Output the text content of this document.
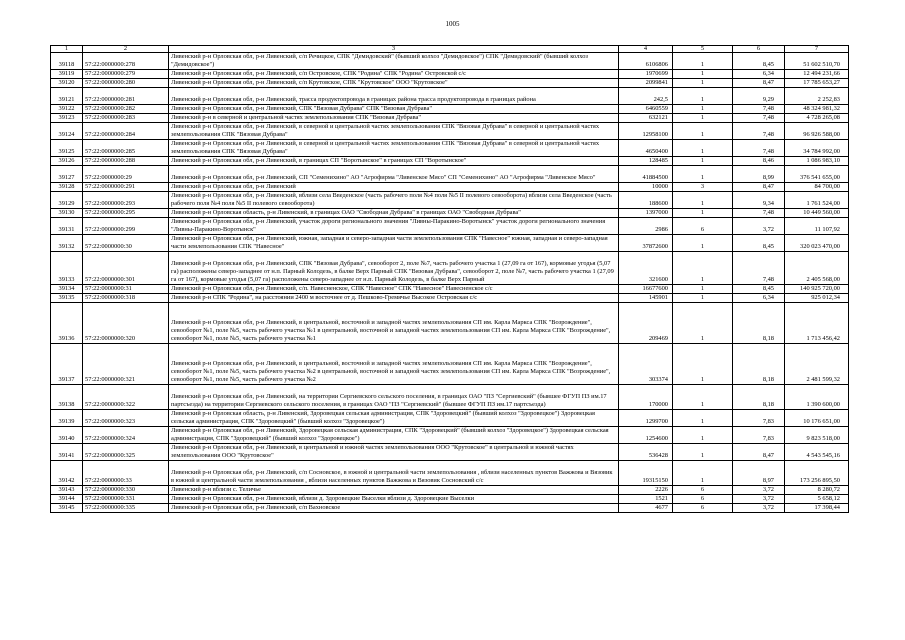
1005
1	2	3	4	5	6	7
39118	57:22:0000000:278	Ливенский р-н Орловская обл, р-н Ливенский, с/п Речицкое, СПК "Демидовский" (бывший колхоз "Демидовское") СПК "Демидовский" (бывший колхоз "Демидовское")	6106806	1	8,45	51 602 510,70
39119	57:22:0000000:279	Ливенский р-н Орловская обл, р-н Ливенский, с/п Островское, СПК "Родина" СПК "Родина" Островской с/с	1970699	1	6,34	12 494 231,66
39120	57:22:0000000:280	Ливенский р-н Орловская обл, р-н Ливенский, с/п Крутовское, СПК "Крутовское" ООО "Крутовское"	2099841	1	8,47	17 785 653,27
39121	57:22:0000000:281	Ливенский р-н Орловская обл, р-н Ливенский, трасса продуктопровода в границах района трасса продуктопровода в границах района	242,5	1	9,29	2 252,83
39122	57:22:0000000:282	Ливенский р-н Орловская обл, р-н Ливенский, СПК "Вязовая Дубрава" СПК "Вязовая Дубрава"	6460559	1	7,48	48 324 981,32
39123	57:22:0000000:283	Ливенский р-н в северной и центральной частях землепользования СПК "Вязовая Дубрава"	632121	1	7,48	4 728 265,08
39124	57:22:0000000:284	Ливенский р-н Орловская обл, р-н Ливенский, в северной и центральной частях землепользования СПК "Вязовая Дубрава" в северной и центральной частях землепользования СПК "Вязовая Дубрава"	12958100	1	7,48	96 926 588,00
39125	57:22:0000000:285	Ливенский р-н Орловская обл, р-н Ливенский, в северной и центральной частях землепользования СПК "Вязовая Дубрава" в северной и центральной частях землепользования СПК "Вязовая Дубрава"	4650400	1	7,48	34 784 992,00
39126	57:22:0000000:288	Ливенский р-н Орловская обл, р-н Ливенский, в границах СП "Воротынское" в границах СП "Воротынское"	128485	1	8,46	1 086 983,10
39127	57:22:0000000:29	Ливенский р-н Орловская обл, р-н Ливенский, СП "Семенихино" АО "Агрофирма "Ливенское Мясо" СП "Семенихино" АО "Агрофирма "Ливенское Мясо"	41884500	1	8,99	376 541 655,00
39128	57:22:0000000:291	Ливенский р-н Орловская обл, р-н Ливенский	10000	3	8,47	84 700,00
39129	57:22:0000000:293	Ливенский р-н Орловская обл, р-н Ливенский, вблизи села Введенское (часть рабочего поля №4 поля №5 II полевого севооборота) вблизи села Введенское (часть рабочего поля №4 поля №5 II полевого севооборота)	188600	1	9,34	1 761 524,00
39130	57:22:0000000:295	Ливенский р-н Орловская область, р-н Ливенский, в границах ОАО "Свободная Дубрава" в границах ОАО "Свободная Дубрава"	1397000	1	7,48	10 449 560,00
39131	57:22:0000000:299	Ливенский р-н Орловская обл, р-н Ливенский, участок дороги регионального значения "Ливны-Паракино-Воротынск" участок дороги регионального значения "Ливны-Паракино-Воротынск"	2986	6	3,72	11 107,92
39132	57:22:0000000:30	Ливенский р-н Орловская обл, р-н Ливенский, южная, западная и северо-западная части землепользования СПК "Навесное" южная, западная и северо-западная части землепользования СПК "Навесное"	37872600	1	8,45	320 023 470,00
39133	57:22:0000000:301	Ливенский р-н Орловская обл, р-н Ливенский, СПК "Вязовая Дубрава", севооборот 2, поле №7, часть рабочего участка 1 (27,09 га от 167), кормовые угодья (5,07 га) расположены северо-западнее от н.п. Парный Колодезь, в балке Верх Парный СПК "Вязовая Дубрава", севооборот 2, поле №7, часть рабочего участка 1 (27,09 га от 167), кормовые угодья (5,07 га) расположены северо-западнее от н.п. Парный Колодезь, в балке Верх Парный	321600	1	7,48	2 405 568,00
39134	57:22:0000000:31	Ливенский р-н Орловская обл, р-н Ливенский, с/п. Навесненское, СПК "Навесное" СПК "Навесное" Навесненское с/с	16677600	1	8,45	140 925 720,00
39135	57:22:0000000:318	Ливенский р-н СПК "Родина", на расстоянии 2400 м восточнее от д. Пешково-Гремячье Высокое Островская с/с	145901	1	6,34	925 012,34
39136	57:22:0000000:320	Ливенский р-н Орловская обл, р-н Ливенский, в центральной, восточной и западной частях землепользования СП им. Карла Маркса СПК "Возрождение", севооборот №1, поле №5, часть рабочего участка №1 в центральной, восточной и западной частях землепользования СП им. Карла Маркса СПК "Возрождение", севооборот №1, поле №5, часть рабочего участка №1	209469	1	8,18	1 713 456,42
39137	57:22:0000000:321	Ливенский р-н Орловская обл, р-н Ливенский, в центральной, восточной и западной частях землепользования СП им. Карла Маркса СПК "Возрождение", севооборот №1, поле №5, часть рабочего участка №2 в центральной, восточной и западной частях землепользования СП им. Карла Маркса СПК "Возрождение", севооборот №1, поле №5, часть рабочего участка №2	303374	1	8,18	2 481 599,32
39138	57:22:0000000:322	Ливенский р-н Орловская обл, р-н Ливенский, на территории Сергиевского сельского поселения, в границах ОАО "ПЗ "Сергиевский" (бывшее ФГУП ПЗ им.17 партсъезда) на территории Сергиевского сельского поселения, в границах ОАО "ПЗ "Сергиевский" (бывшее ФГУП ПЗ им.17 партсъезда)	170000	1	8,18	1 390 600,00
39139	57:22:0000000:323	Ливенский р-н Орловская область, р-н Ливенский, Здоровецкая сельская администрация, СПК "Здоровецкий" (бывший колхоз "Здоровецкое") Здоровецкая сельская администрация, СПК "Здоровецкий" (бывший колхоз "Здоровецкое")	1299700	1	7,83	10 176 651,00
39140	57:22:0000000:324	Ливенский р-н Орловская обл, р-н Ливенский, Здоровецкая сельская администрация, СПК "Здоровецкий" (бывший колхоз "Здоровецкое") Здоровецкая сельская администрация, СПК "Здоровецкий" (бывший колхоз "Здоровецкое")	1254600	1	7,83	9 823 518,00
39141	57:22:0000000:325	Ливенский р-н Орловская обл, р-н Ливенский, в центральной и южной частях землепользования ООО "Крутовское" в центральной и южной частях землепользования ООО "Крутовское"	536428	1	8,47	4 543 545,16
39142	57:22:0000000:33	Ливенский р-н Орловская обл, р-н Ливенский, с/п Сосновское, в южной и центральной части землепользования , вблизи населенных пунктов Важжова и Вязовик в южной и центральной части землепользования , вблизи населенных пунктов Важжова и Вязовик Сосновский с/с	19315150	1	8,97	173 256 895,50
39143	57:22:0000000:330	Ливенский р-н вблизи с. Теличье	2226	6	3,72	8 280,72
39144	57:22:0000000:331	Ливенский р-н Орловская обл, р-н Ливенский, вблизи д. Здоровецкие Выселки вблизи д. Здоровецкие Выселки	1521	6	3,72	5 658,12
39145	57:22:0000000:335	Ливенский р-н Орловская обл, р-н Ливенский, с/п Вахновское	4677	6	3,72	17 398,44
